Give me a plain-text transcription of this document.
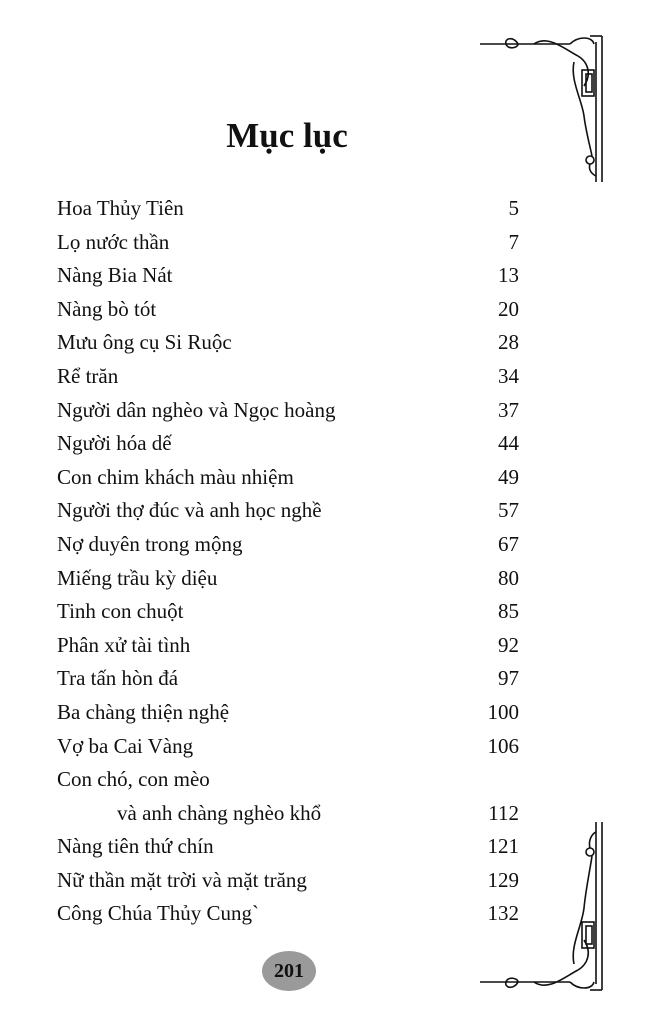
Mục lục
Hoa Thủy Tiên	5
Lọ nước thần	7
Nàng Bia Nát	13
Nàng bò tót	20
Mưu ông cụ Si Ruộc	28
Rể trăn	34
Người dân nghèo và Ngọc hoàng	37
Người hóa dế	44
Con chim khách màu nhiệm	49
Người thợ đúc và anh học nghề	57
Nợ duyên trong mộng	67
Miếng trầu kỳ diệu	80
Tinh con chuột	85
Phân xử tài tình	92
Tra tấn hòn đá	97
Ba chàng thiện nghệ	100
Vợ ba Cai Vàng	106
Con chó, con mèo
và anh chàng nghèo khổ	112
Nàng tiên thứ chín	121
Nữ thần mặt trời và mặt trăng	129
Công Chúa Thủy Cung`	132
201
